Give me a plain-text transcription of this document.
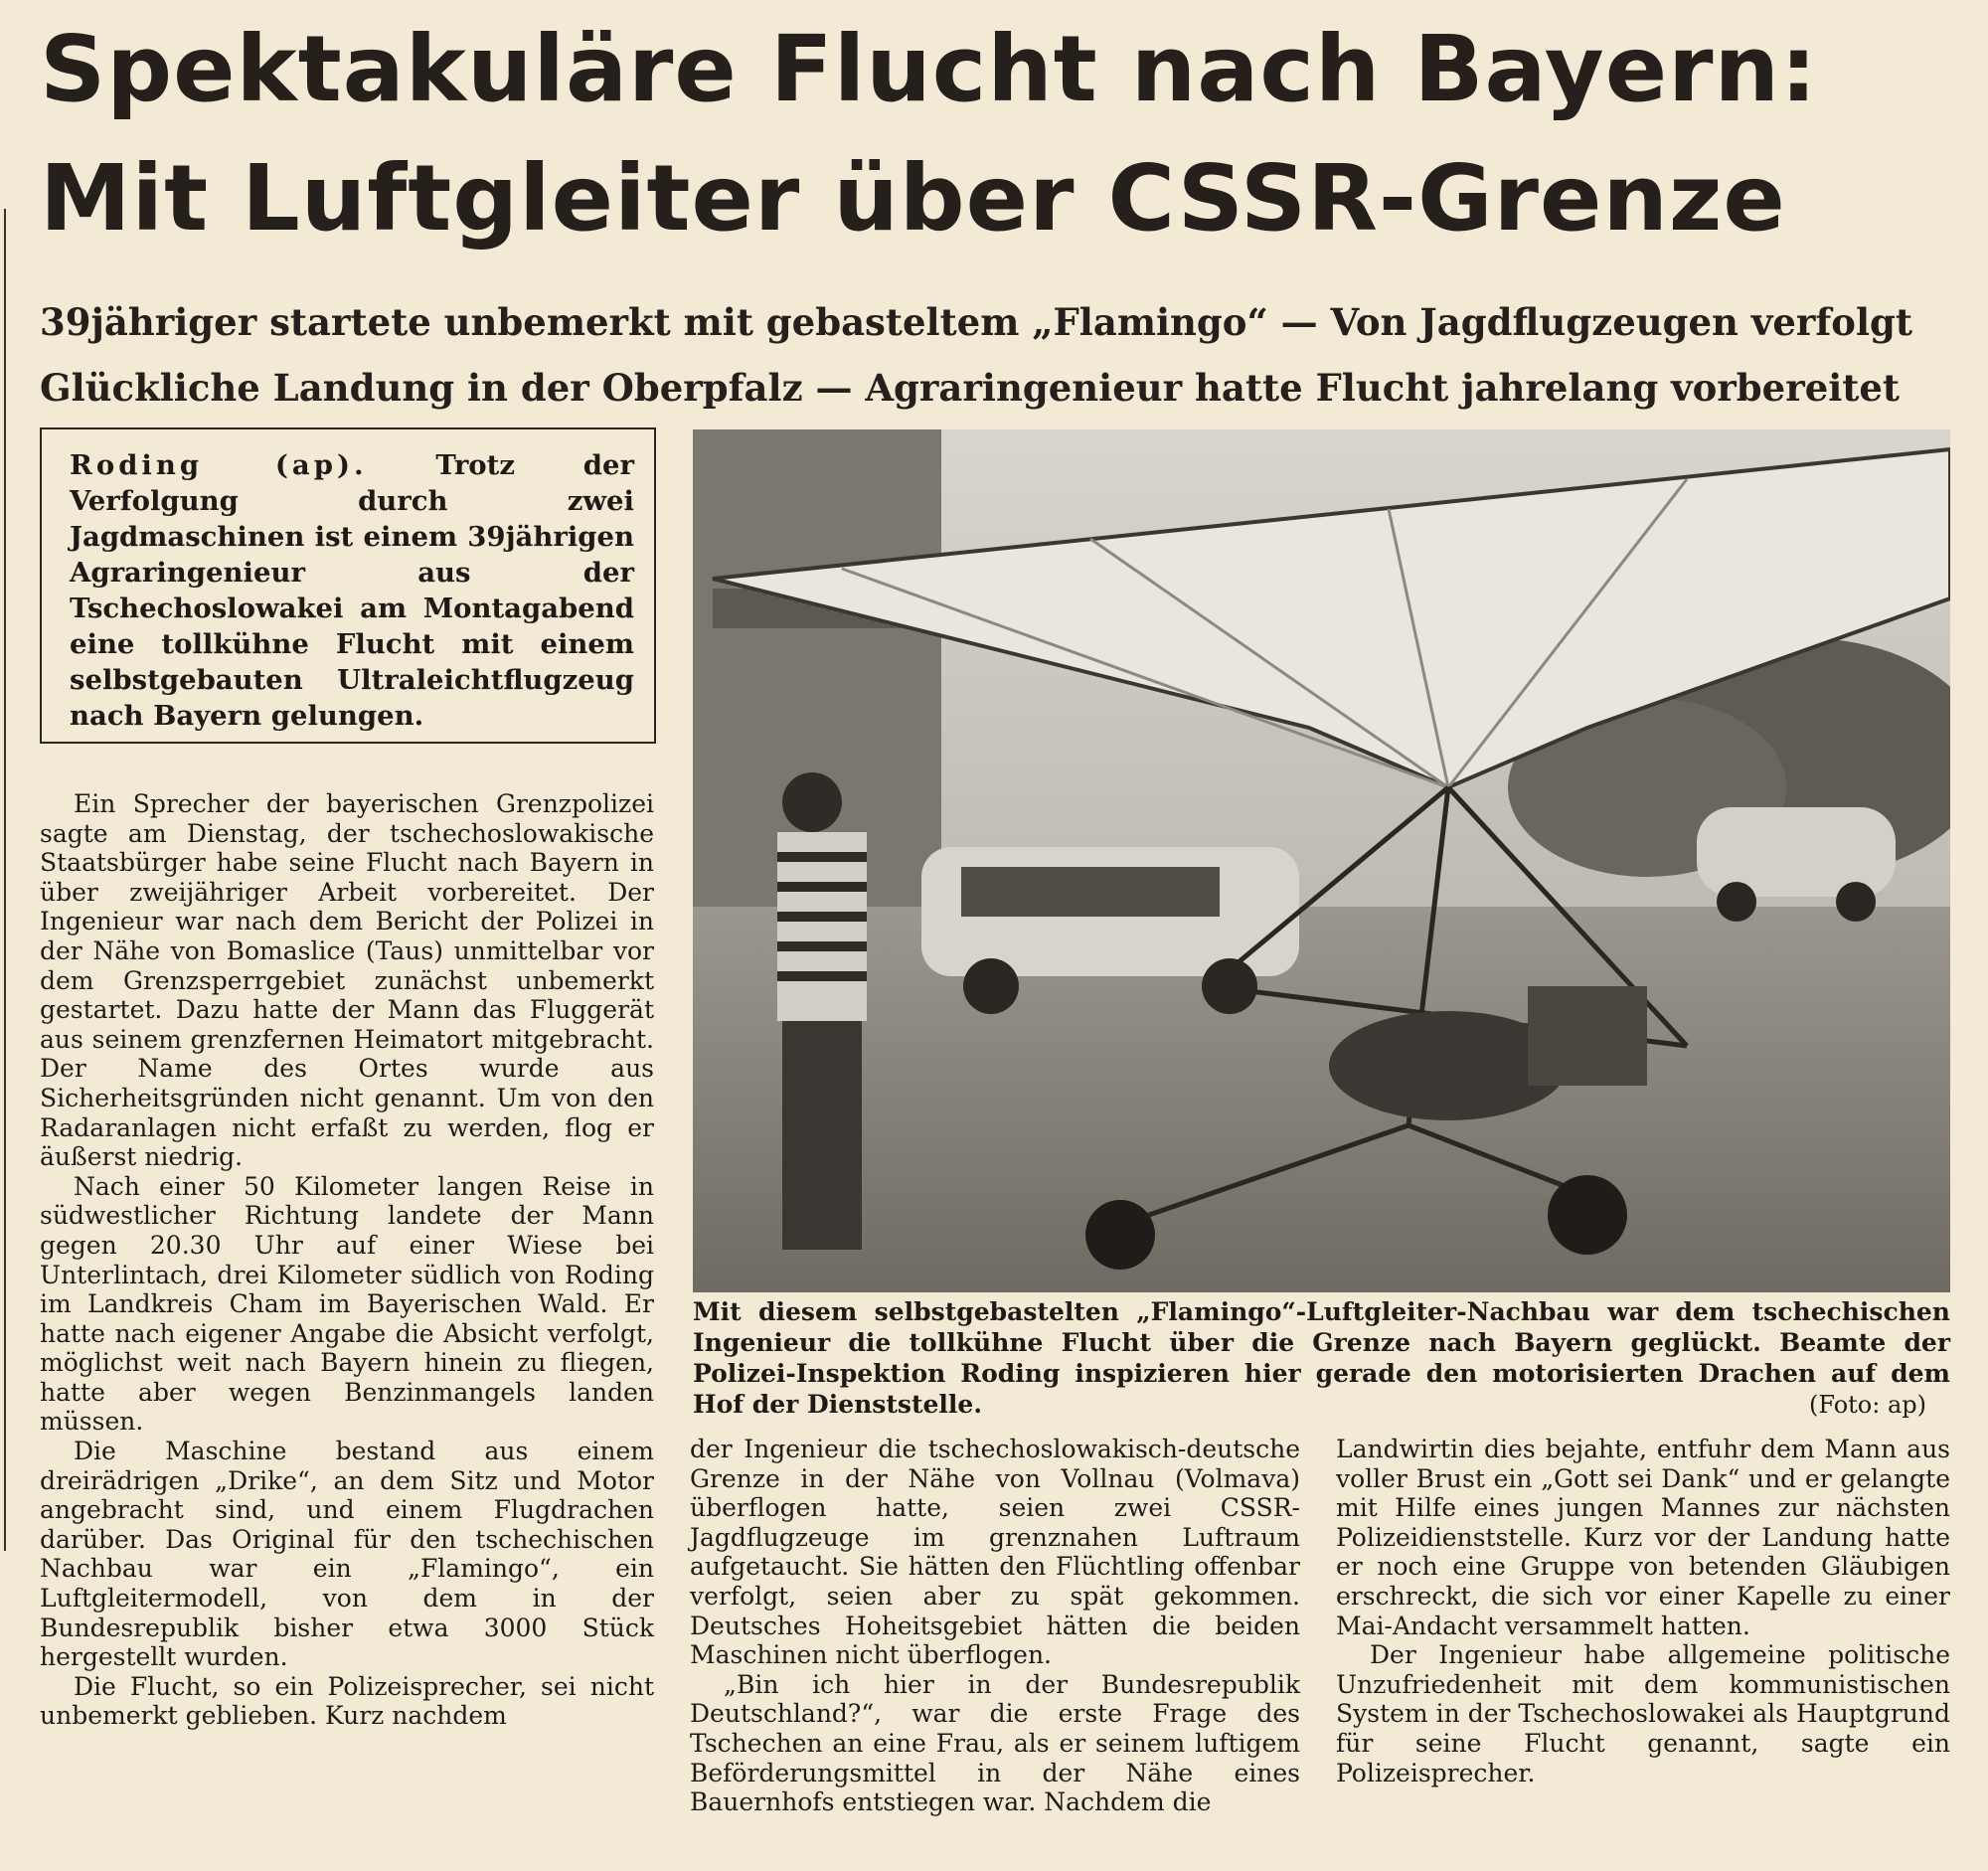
Spektakuläre Flucht nach Bayern:
Mit Luftgleiter über CSSR-Grenze

39jähriger startete unbemerkt mit gebasteltem „Flamingo“ — Von Jagdflugzeugen verfolgt

Glückliche Landung in der Oberpfalz — Agraringenieur hatte Flucht jahrelang vorbereitet

Roding (ap).	Trotz der Verfolgung durch zwei Jagdmaschinen ist einem 39jährigen Agraringenieur aus der Tschechoslowakei am Montagabend eine tollkühne Flucht mit einem selbstgebauten Ultraleichtflugzeug nach Bayern gelungen.

Ein Sprecher der bayerischen Grenzpolizei sagte am Dienstag, der tschechoslowakische Staatsbürger habe seine Flucht nach Bayern in über zweijähriger Arbeit vorbereitet. Der Ingenieur war nach dem Bericht der Polizei in der Nähe von Bomaslice (Taus) unmittelbar vor dem Grenzsperrgebiet zunächst unbemerkt gestartet. Dazu hatte der Mann das Fluggerät aus seinem grenzfernen Heimatort mitgebracht. Der Name des Ortes wurde aus Sicherheitsgründen nicht genannt. Um von den Radaranlagen nicht erfaßt zu werden, flog er äußerst niedrig.

Nach einer 50 Kilometer langen Reise in südwestlicher Richtung landete der Mann gegen 20.30 Uhr auf einer Wiese bei Unterlintach, drei Kilometer südlich von Roding im Landkreis Cham im Bayerischen Wald. Er hatte nach eigener Angabe die Absicht verfolgt, möglichst weit nach Bayern hinein zu fliegen, hatte aber wegen Benzinmangels landen müssen.

Die Maschine bestand aus einem dreirädrigen „Drike“, an dem Sitz und Motor angebracht sind, und einem Flugdrachen darüber. Das Original für den tschechischen Nachbau war ein „Flamingo“, ein Luftgleitermodell, von dem in der Bundesrepublik bisher etwa 3000 Stück hergestellt wurden.

Die Flucht, so ein Polizeisprecher, sei nicht unbemerkt geblieben. Kurz nachdem

Mit diesem selbstgebastelten „Flamingo“-Luftgleiter-Nachbau war dem tschechischen Ingenieur die tollkühne Flucht über die Grenze nach Bayern geglückt. Beamte der Polizei-Inspektion Roding inspizieren hier gerade den motorisierten Drachen auf dem Hof der Dienststelle.	(Foto: ap)

der Ingenieur die tschechoslowakisch-deutsche Grenze in der Nähe von Vollnau (Volmava) überflogen hatte, seien zwei CSSR-Jagdflugzeuge im grenznahen Luftraum aufgetaucht. Sie hätten den Flüchtling offenbar verfolgt, seien aber zu spät gekommen. Deutsches Hoheitsgebiet hätten die beiden Maschinen nicht überflogen.

„Bin ich hier in der Bundesrepublik Deutschland?“, war die erste Frage des Tschechen an eine Frau, als er seinem luftigem Beförderungsmittel in der Nähe eines Bauernhofs entstiegen war. Nachdem die

Landwirtin dies bejahte, entfuhr dem Mann aus voller Brust ein „Gott sei Dank“ und er gelangte mit Hilfe eines jungen Mannes zur nächsten Polizeidienststelle. Kurz vor der Landung hatte er noch eine Gruppe von betenden Gläubigen erschreckt, die sich vor einer Kapelle zu einer Mai-Andacht versammelt hatten.

Der Ingenieur habe allgemeine politische Unzufriedenheit mit dem kommunistischen System in der Tschechoslowakei als Hauptgrund für seine Flucht genannt, sagte ein Polizeisprecher.
